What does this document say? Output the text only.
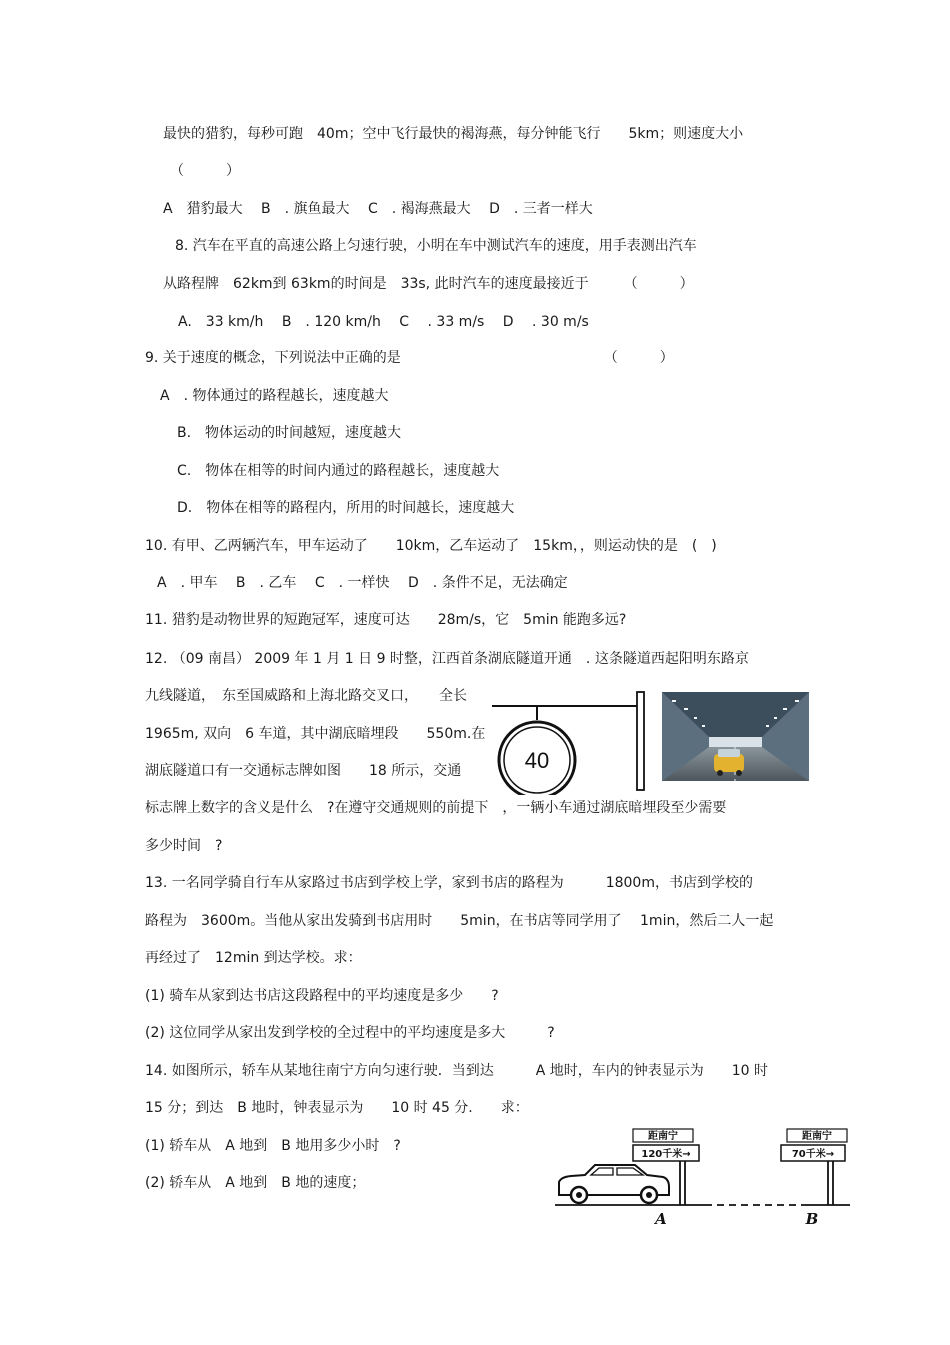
最快的猎豹，每秒可跑　40m；空中飞行最快的褐海燕，每分钟能飞行　　5km；则速度大小
（　　　）
A　猎豹最大　 B　. 旗鱼最大　 C　. 褐海燕最大　 D　. 三者一样大
8. 汽车在平直的高速公路上匀速行驶，小明在车中测试汽车的速度，用手表测出汽车
从路程牌　62km到 63km的时间是　33s, 此时汽车的速度最接近于　　　（　　　）
A.　33 km/h　 B　. 120 km/h　 C　 . 33 m/s　 D　 . 30 m/s
9. 关于速度的概念，下列说法中正确的是　　　　　　　　　　　　　　　（　　　）
A　. 物体通过的路程越长，速度越大
B.　物体运动的时间越短，速度越大
C.　物体在相等的时间内通过的路程越长，速度越大
D.　物体在相等的路程内，所用的时间越长，速度越大
10. 有甲、乙两辆汽车，甲车运动了　　10km，乙车运动了　15km，，则运动快的是　(　)
A　. 甲车　 B　. 乙车　 C　. 一样快　 D　. 条件不足，无法确定
11. 猎豹是动物世界的短跑冠军，速度可达　　28m/s，它　5min 能跑多远?
12. （09 南昌） 2009 年 1 月 1 日 9 时整，江西首条湖底隧道开通　. 这条隧道西起阳明东路京
九线隧道，　东至国威路和上海北路交叉口，　　全长
1965m, 双向　6 车道，其中湖底暗埋段　　550m.在
湖底隧道口有一交通标志牌如图　　18 所示，交通
标志牌上数字的含义是什么　?在遵守交通规则的前提下　，一辆小车通过湖底暗埋段至少需要
多少时间　?
13. 一名同学骑自行车从家路过书店到学校上学，家到书店的路程为　　　1800m，书店到学校的
路程为　3600m。当他从家出发骑到书店用时　　5min，在书店等同学用了　 1min，然后二人一起
再经过了　12min 到达学校。求：
(1) 骑车从家到达书店这段路程中的平均速度是多少　　?
(2) 这位同学从家出发到学校的全过程中的平均速度是多大　　　?
14. 如图所示，轿车从某地往南宁方向匀速行驶．当到达　　　A 地时，车内的钟表显示为　　10 时
15 分；到达　B 地时，钟表显示为　　10 时 45 分.　　求：
(1) 轿车从　A 地到　B 地用多少小时　?
(2) 轿车从　A 地到　B 地的速度；
40
距南宁
120千米→
距南宁
70千米→
A	B
